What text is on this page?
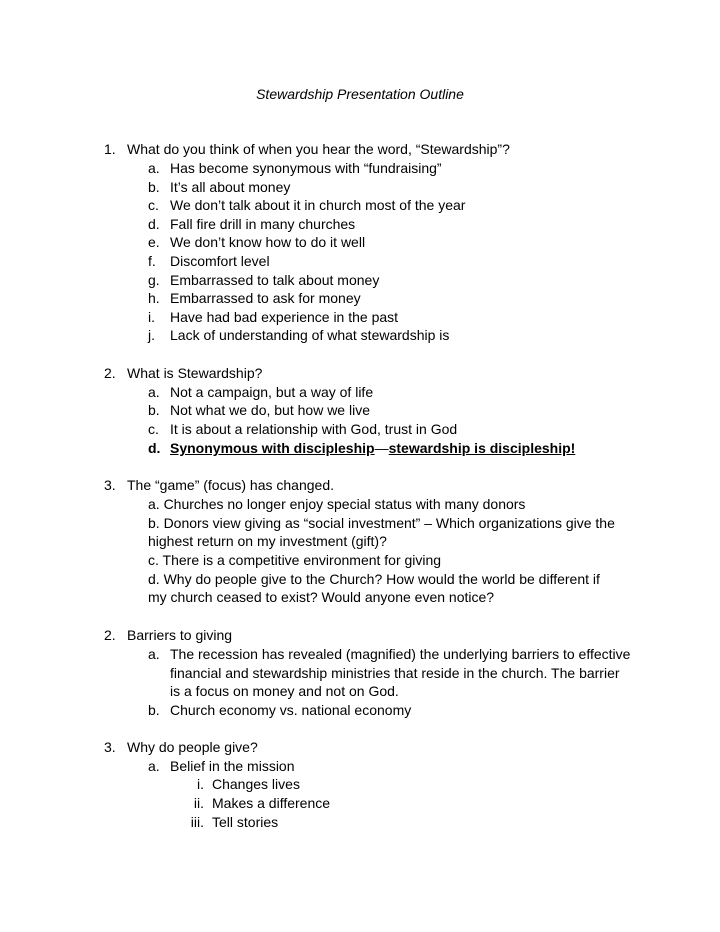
Stewardship Presentation Outline
1. What do you think of when you hear the word, “Stewardship”?
a. Has become synonymous with “fundraising”
b. It’s all about money
c. We don’t talk about it in church most of the year
d. Fall fire drill in many churches
e. We don’t know how to do it well
f. Discomfort level
g. Embarrassed to talk about money
h. Embarrassed to ask for money
i. Have had bad experience in the past
j. Lack of understanding of what stewardship is
2. What is Stewardship?
a. Not a campaign, but a way of life
b. Not what we do, but how we live
c. It is about a relationship with God, trust in God
d. Synonymous with discipleship—stewardship is discipleship!
3. The “game” (focus) has changed.
a. Churches no longer enjoy special status with many donors
b. Donors view giving as “social investment” – Which organizations give the
highest return on my investment (gift)?
c. There is a competitive environment for giving
d. Why do people give to the Church? How would the world be different if
my church ceased to exist? Would anyone even notice?
2. Barriers to giving
a. The recession has revealed (magnified) the underlying barriers to effective
financial and stewardship ministries that reside in the church. The barrier
is a focus on money and not on God.
b. Church economy vs. national economy
3. Why do people give?
a. Belief in the mission
i. Changes lives
ii. Makes a difference
iii. Tell stories
